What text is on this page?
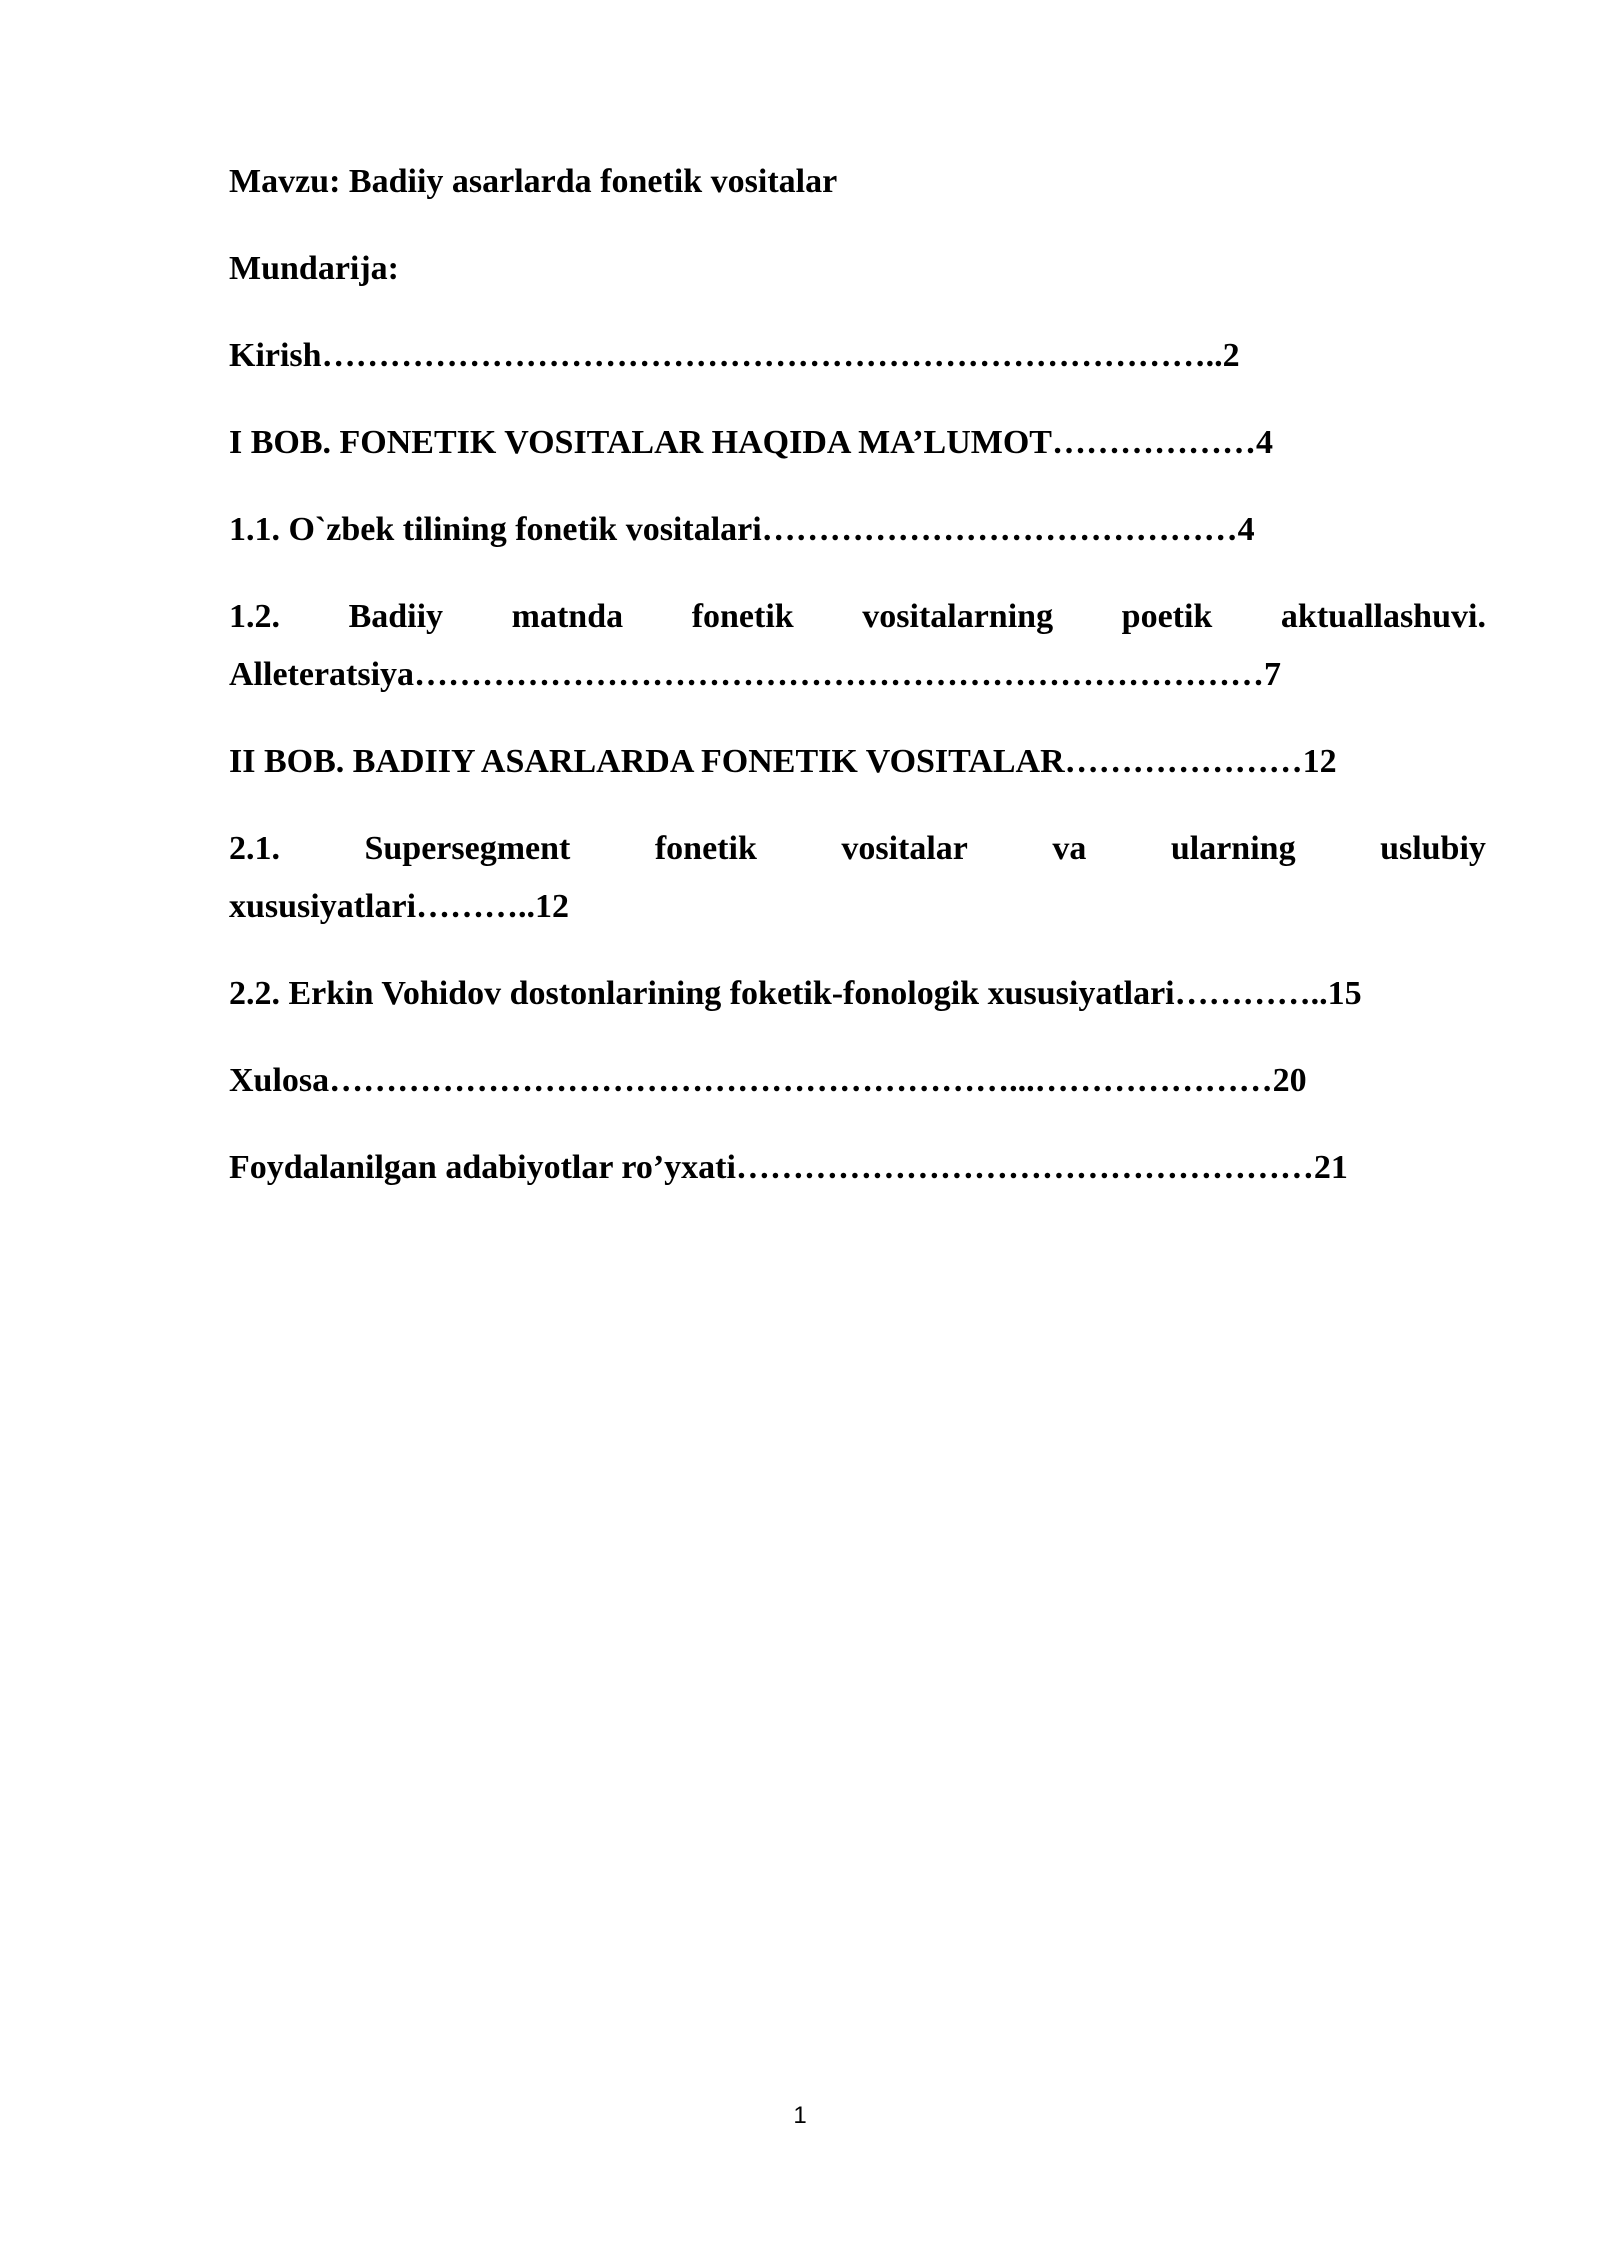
Mavzu: Badiiy asarlarda fonetik vositalar
Mundarija:
Kirish……………………………………………………………………..2
I BOB. FONETIK VOSITALAR HAQIDA MA’LUMOT………………4
1.1. O`zbek tilining fonetik vositalari……………………………………4
1.2. Badiiy matnda fonetik vositalarning poetik aktuallashuvi.
Alleteratsiya…………………………………………………………………7
II BOB. BADIIY ASARLARDA FONETIK VOSITALAR…………………12
2.1. Supersegment fonetik vositalar va ularning uslubiy
xususiyatlari………..12
2.2. Erkin Vohidov dostonlarining foketik-fonologik xususiyatlari…………..15
Xulosa……………………………………………………...…………………20
Foydalanilgan adabiyotlar ro’yxati……………………………………………21
1
